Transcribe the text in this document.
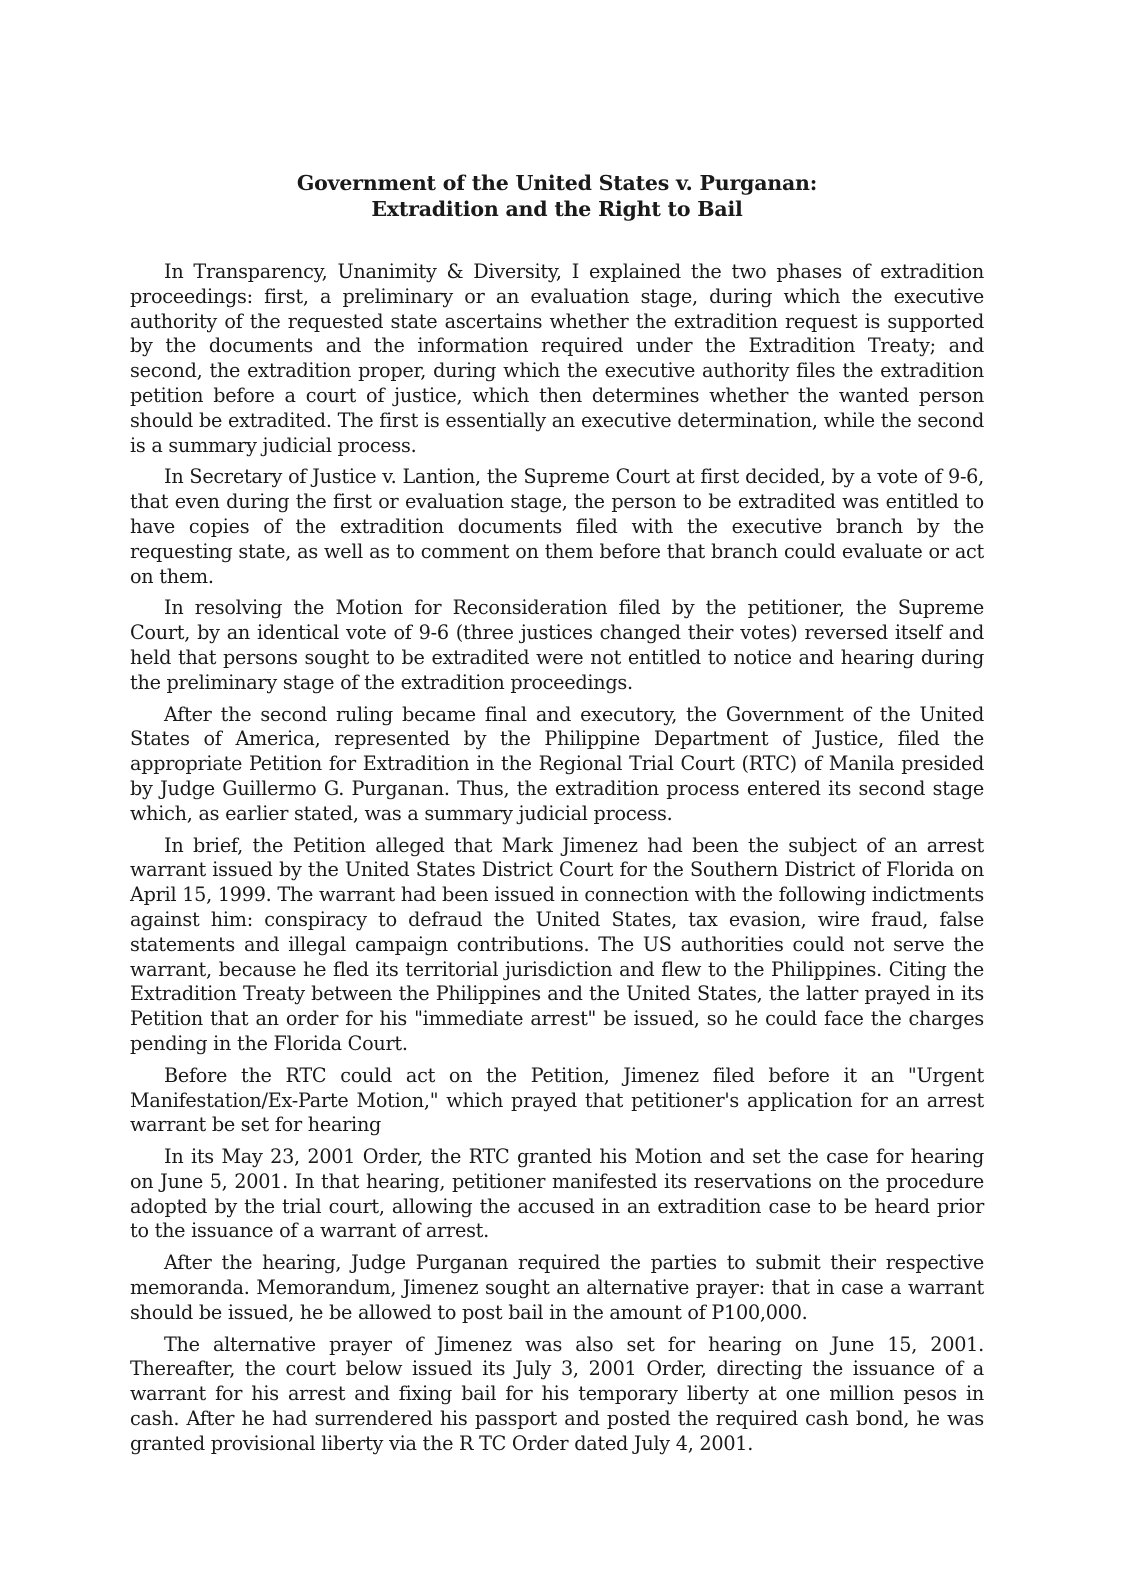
Government of the United States v. Purganan:
Extradition and the Right to Bail

In Transparency, Unanimity & Diversity, I explained the two phases of extradition proceedings: first, a preliminary or an evaluation stage, during which the executive authority of the requested state ascertains whether the extradition request is supported by the documents and the information required under the Extradition Treaty; and second, the extradition proper, during which the executive authority files the extradition petition before a court of justice, which then determines whether the wanted person should be extradited. The first is essentially an executive determination, while the second is a summary judicial process.

In Secretary of Justice v. Lantion, the Supreme Court at first decided, by a vote of 9-6, that even during the first or evaluation stage, the person to be extradited was entitled to have copies of the extradition documents filed with the executive branch by the requesting state, as well as to comment on them before that branch could evaluate or act on them.

In resolving the Motion for Reconsideration filed by the petitioner, the Supreme Court, by an identical vote of 9-6 (three justices changed their votes) reversed itself and held that persons sought to be extradited were not entitled to notice and hearing during the preliminary stage of the extradition proceedings.

After the second ruling became final and executory, the Government of the United States of America, represented by the Philippine Department of Justice, filed the appropriate Petition for Extradition in the Regional Trial Court (RTC) of Manila presided by Judge Guillermo G. Purganan. Thus, the extradition process entered its second stage which, as earlier stated, was a summary judicial process.

In brief, the Petition alleged that Mark Jimenez had been the subject of an arrest warrant issued by the United States District Court for the Southern District of Florida on April 15, 1999. The warrant had been issued in connection with the following indictments against him: conspiracy to defraud the United States, tax evasion, wire fraud, false statements and illegal campaign contributions. The US authorities could not serve the warrant, because he fled its territorial jurisdiction and flew to the Philippines. Citing the Extradition Treaty between the Philippines and the United States, the latter prayed in its Petition that an order for his "immediate arrest" be issued, so he could face the charges pending in the Florida Court.

Before the RTC could act on the Petition, Jimenez filed before it an "Urgent Manifestation/Ex-Parte Motion," which prayed that petitioner's application for an arrest warrant be set for hearing

In its May 23, 2001 Order, the RTC granted his Motion and set the case for hearing on June 5, 2001. In that hearing, petitioner manifested its reservations on the procedure adopted by the trial court, allowing the accused in an extradition case to be heard prior to the issuance of a warrant of arrest.

After the hearing, Judge Purganan required the parties to submit their respective memoranda. Memorandum, Jimenez sought an alternative prayer: that in case a warrant should be issued, he be allowed to post bail in the amount of P100,000.

The alternative prayer of Jimenez was also set for hearing on June 15, 2001. Thereafter, the court below issued its July 3, 2001 Order, directing the issuance of a warrant for his arrest and fixing bail for his temporary liberty at one million pesos in cash. After he had surrendered his passport and posted the required cash bond, he was granted provisional liberty via the R TC Order dated July 4, 2001.
